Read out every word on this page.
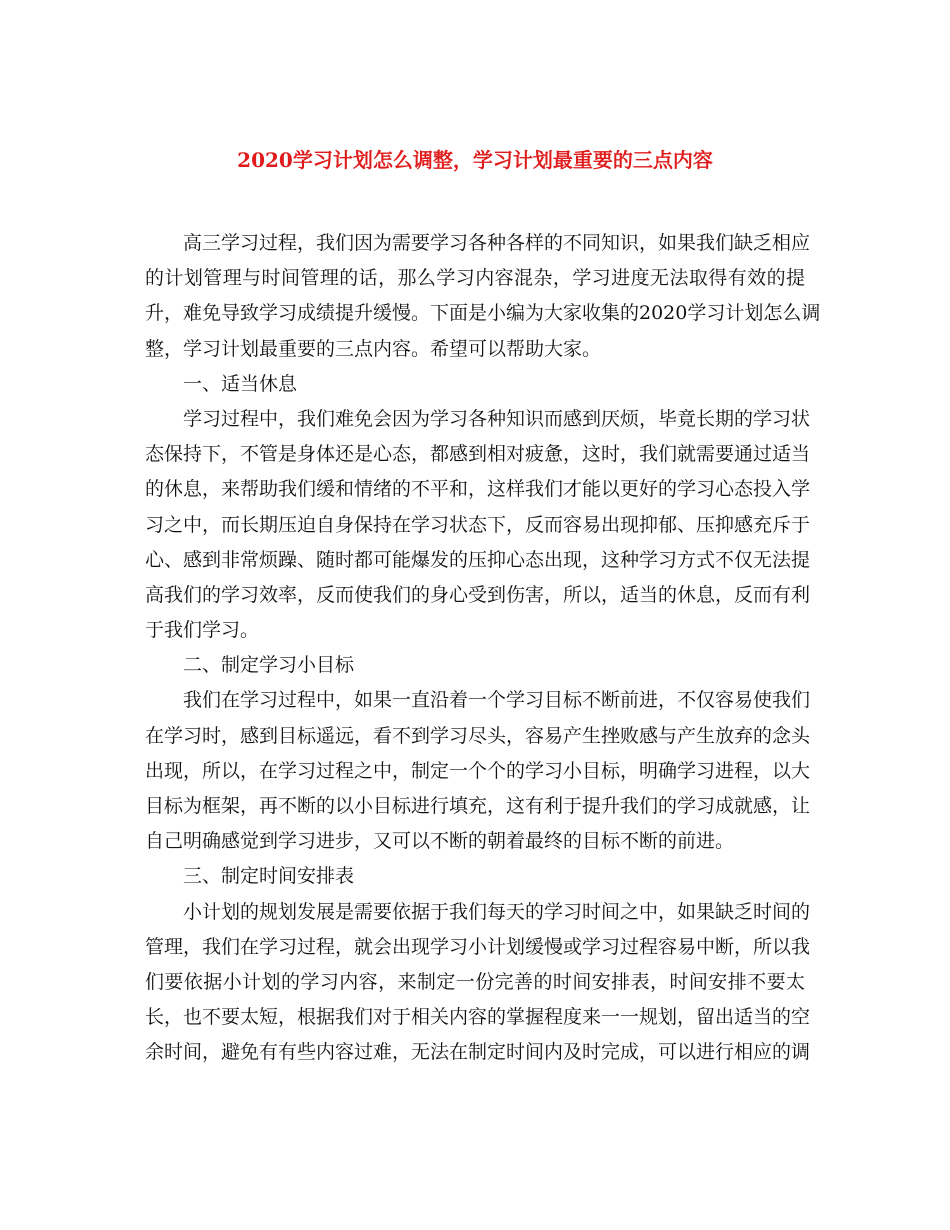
2020学习计划怎么调整，学习计划最重要的三点内容
高三学习过程，我们因为需要学习各种各样的不同知识，如果我们缺乏相应
的计划管理与时间管理的话，那么学习内容混杂，学习进度无法取得有效的提
升，难免导致学习成绩提升缓慢。下面是小编为大家收集的2020学习计划怎么调
整，学习计划最重要的三点内容。希望可以帮助大家。
一、适当休息
学习过程中，我们难免会因为学习各种知识而感到厌烦，毕竟长期的学习状
态保持下，不管是身体还是心态，都感到相对疲惫，这时，我们就需要通过适当
的休息，来帮助我们缓和情绪的不平和，这样我们才能以更好的学习心态投入学
习之中，而长期压迫自身保持在学习状态下，反而容易出现抑郁、压抑感充斥于
心、感到非常烦躁、随时都可能爆发的压抑心态出现，这种学习方式不仅无法提
高我们的学习效率，反而使我们的身心受到伤害，所以，适当的休息，反而有利
于我们学习。
二、制定学习小目标
我们在学习过程中，如果一直沿着一个学习目标不断前进，不仅容易使我们
在学习时，感到目标遥远，看不到学习尽头，容易产生挫败感与产生放弃的念头
出现，所以，在学习过程之中，制定一个个的学习小目标，明确学习进程，以大
目标为框架，再不断的以小目标进行填充，这有利于提升我们的学习成就感，让
自己明确感觉到学习进步，又可以不断的朝着最终的目标不断的前进。
三、制定时间安排表
小计划的规划发展是需要依据于我们每天的学习时间之中，如果缺乏时间的
管理，我们在学习过程，就会出现学习小计划缓慢或学习过程容易中断，所以我
们要依据小计划的学习内容，来制定一份完善的时间安排表，时间安排不要太
长，也不要太短，根据我们对于相关内容的掌握程度来一一规划，留出适当的空
余时间，避免有有些内容过难，无法在制定时间内及时完成，可以进行相应的调
